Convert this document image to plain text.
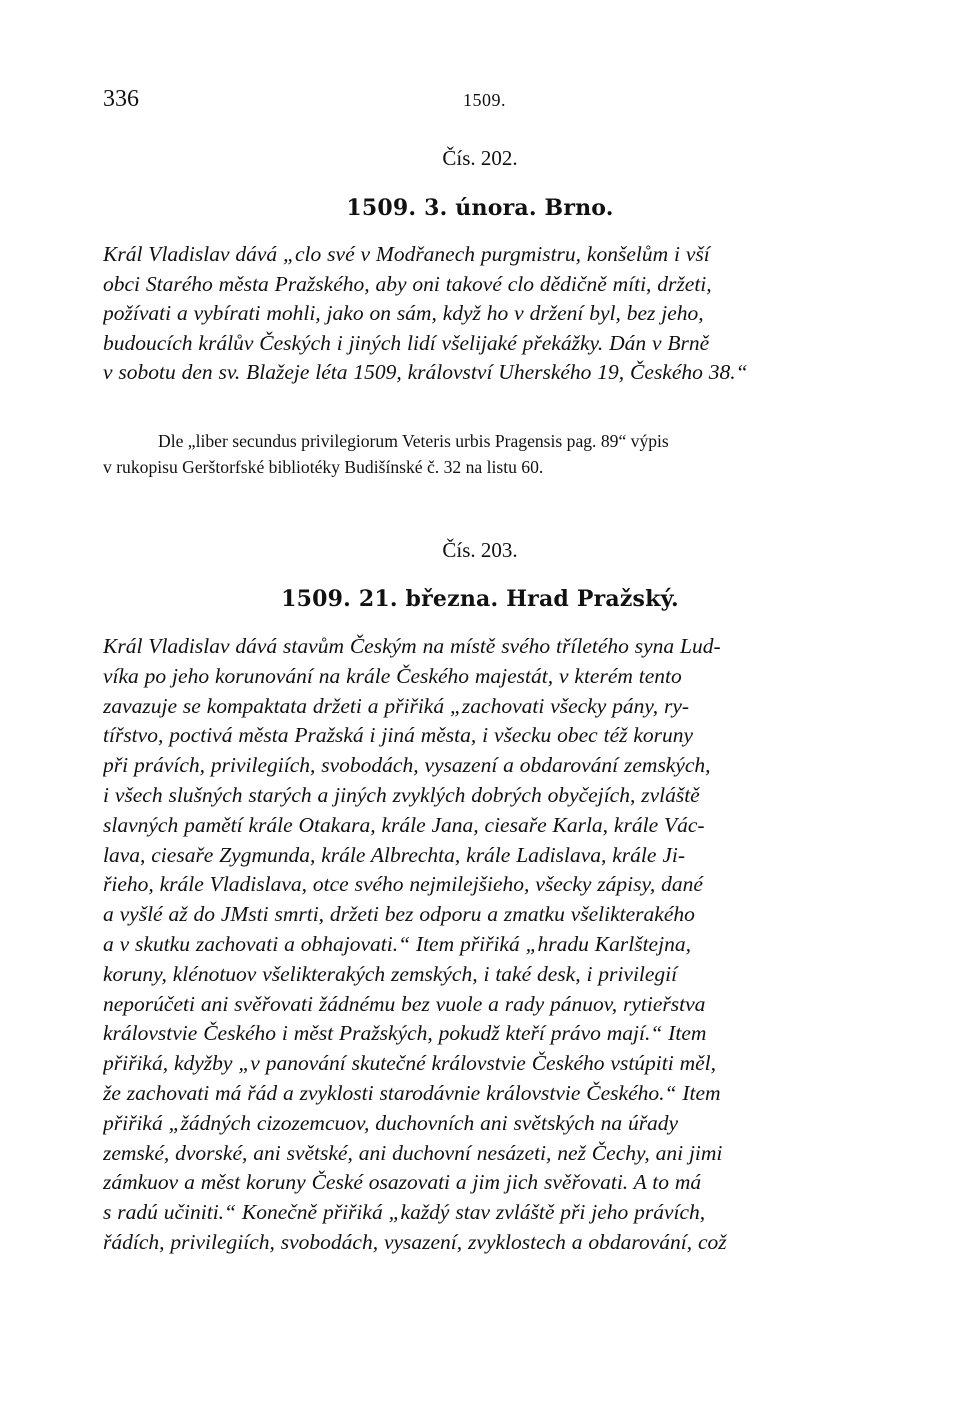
336	1509.
Čís. 202.
1509. 3. února. Brno.
Král Vladislav dává „clo své v Modřanech purgmistru, konšelům i vší
obci Starého města Pražského, aby oni takové clo dědičně míti, držeti,
požívati a vybírati mohli, jako on sám, když ho v držení byl, bez jeho,
budoucích králův Českých i jiných lidí všelijaké překážky. Dán v Brně
v sobotu den sv. Blažeje léta 1509, království Uherského 19, Českého 38.“
Dle „liber secundus privilegiorum Veteris urbis Pragensis pag. 89“ výpis
v rukopisu Gerštorfské bibliotéky Budišínské č. 32 na listu 60.
Čís. 203.
1509. 21. března. Hrad Pražský.
Král Vladislav dává stavům Českým na místě svého tříletého syna Lud-
víka po jeho korunování na krále Českého majestát, v kterém tento
zavazuje se kompaktata držeti a přiřiká „zachovati všecky pány, ry-
tířstvo, poctivá města Pražská i jiná města, i všecku obec též koruny
při právích, privilegiích, svobodách, vysazení a obdarování zemských,
i všech slušných starých a jiných zvyklých dobrých obyčejích, zvláště
slavných pamětí krále Otakara, krále Jana, ciesaře Karla, krále Vác-
lava, ciesaře Zygmunda, krále Albrechta, krále Ladislava, krále Ji-
řieho, krále Vladislava, otce svého nejmilejšieho, všecky zápisy, dané
a vyšlé až do JMsti smrti, držeti bez odporu a zmatku všelikterakého
a v skutku zachovati a obhajovati.“ Item přiřiká „hradu Karlštejna,
koruny, klénotuov všelikterakých zemských, i také desk, i privilegií
neporúčeti ani svěřovati žádnému bez vuole a rady pánuov, rytieřstva
královstvie Českého i měst Pražských, pokudž kteří právo mají.“ Item
přiřiká, kdyžby „v panování skutečné královstvie Českého vstúpiti měl,
že zachovati má řád a zvyklosti starodávnie královstvie Českého.“ Item
přiřiká „žádných cizozemcuov, duchovních ani světských na úřady
zemské, dvorské, ani světské, ani duchovní nesázeti, než Čechy, ani jimi
zámkuov a měst koruny České osazovati a jim jich svěřovati. A to má
s radú učiniti.“ Konečně přiřiká „každý stav zvláště při jeho právích,
řádích, privilegiích, svobodách, vysazení, zvyklostech a obdarování, což
